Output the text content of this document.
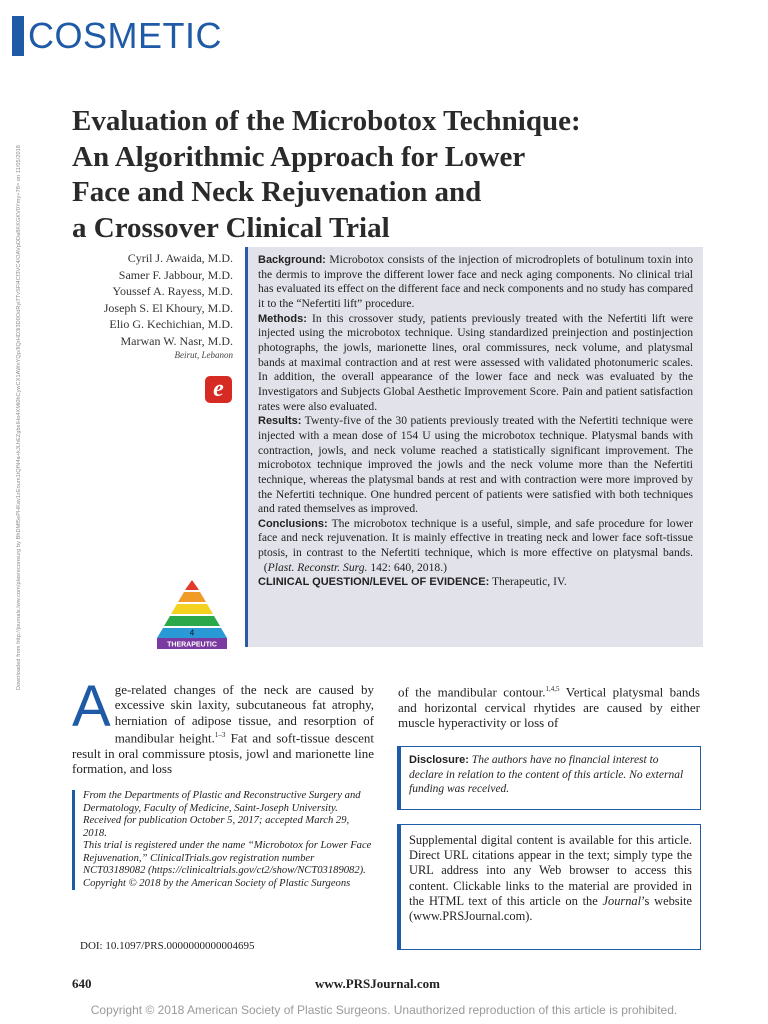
COSMETIC
Evaluation of the Microbotox Technique:
An Algorithmic Approach for Lower
Face and Neck Rejuvenation and
a Crossover Clinical Trial
Cyril J. Awaida, M.D.
Samer F. Jabbour, M.D.
Youssef A. Rayess, M.D.
Joseph S. El Khoury, M.D.
Elio G. Kechichian, M.D.
Marwan W. Nasr, M.D.
Beirut, Lebanon
e
4
THERAPEUTIC
Downloaded from http://journals.lww.com/plasreconsurg by BhDMf5ePHKav1zEoum1tQfN4a+kJLhEZgbsIHo4XMi0hCywCX1AWnYQp/IlQrHD3i3D0OdRyi7TvSFl4Cf3VC4/OAVpDDa8KKGKV0Ymy+78= on 11/05/2018	Background: Microbotox consists of the injection of microdroplets of botulinum toxin into the dermis to improve the different lower face and neck aging components. No clinical trial has evaluated its effect on the different face and neck components and no study has compared it to the “Nefertiti lift” procedure.

Methods: In this crossover study, patients previously treated with the Nefertiti lift were injected using the microbotox technique. Using standardized preinjection and postinjection photographs, the jowls, marionette lines, oral commissures, neck volume, and platysmal bands at maximal contraction and at rest were assessed with validated photonumeric scales. In addition, the overall appearance of the lower face and neck was evaluated by the Investigators and Subjects Global Aesthetic Improvement Score. Pain and patient satisfaction rates were also evaluated.

Results: Twenty-five of the 30 patients previously treated with the Nefertiti technique were injected with a mean dose of 154 U using the microbotox technique. Platysmal bands with contraction, jowls, and neck volume reached a statistically significant improvement. The microbotox technique improved the jowls and the neck volume more than the Nefertiti technique, whereas the platysmal bands at rest and with contraction were more improved by the Nefertiti technique. One hundred percent of patients were satisfied with both techniques and rated themselves as improved.

Conclusions: The microbotox technique is a useful, simple, and safe procedure for lower face and neck rejuvenation. It is mainly effective in treating neck and lower face soft-tissue ptosis, in contrast to the Nefertiti technique, which is more effective on platysmal bands.   (Plast. Reconstr. Surg. 142: 640, 2018.)

CLINICAL QUESTION/LEVEL OF EVIDENCE: Therapeutic, IV.

Age-related changes of the neck are caused by excessive skin laxity, subcutaneous fat atrophy, herniation of adipose tissue, and resorption of mandibular height.$^{1-3}$ Fat and soft-tissue descent result in oral commissure ptosis, jowl and marionette line formation, and loss
of the mandibular contour.$^{1,4,5}$ Vertical platysmal bands and horizontal cervical rhytides are caused by either muscle hyperactivity or loss of

From the Departments of Plastic and Reconstructive Surgery and Dermatology, Faculty of Medicine, Saint-Joseph University.

Received for publication October 5, 2017; accepted March 29, 2018.

This trial is registered under the name “Microbotox for Lower Face Rejuvenation,” ClinicalTrials.gov registration number NCT03189082 (https://clinicaltrials.gov/ct2/show/NCT03189082).

Copyright © 2018 by the American Society of Plastic Surgeons

DOI: 10.1097/PRS.0000000000004695
Disclosure: The authors have no financial interest to declare in relation to the content of this article. No external funding was received.
Supplemental digital content is available for this article. Direct URL citations appear in the text; simply type the URL address into any Web browser to access this content. Clickable links to the material are provided in the HTML text of this article on the Journal’s website (www.PRSJournal.com).
640	www.PRSJournal.com
Copyright © 2018 American Society of Plastic Surgeons. Unauthorized reproduction of this article is prohibited.
